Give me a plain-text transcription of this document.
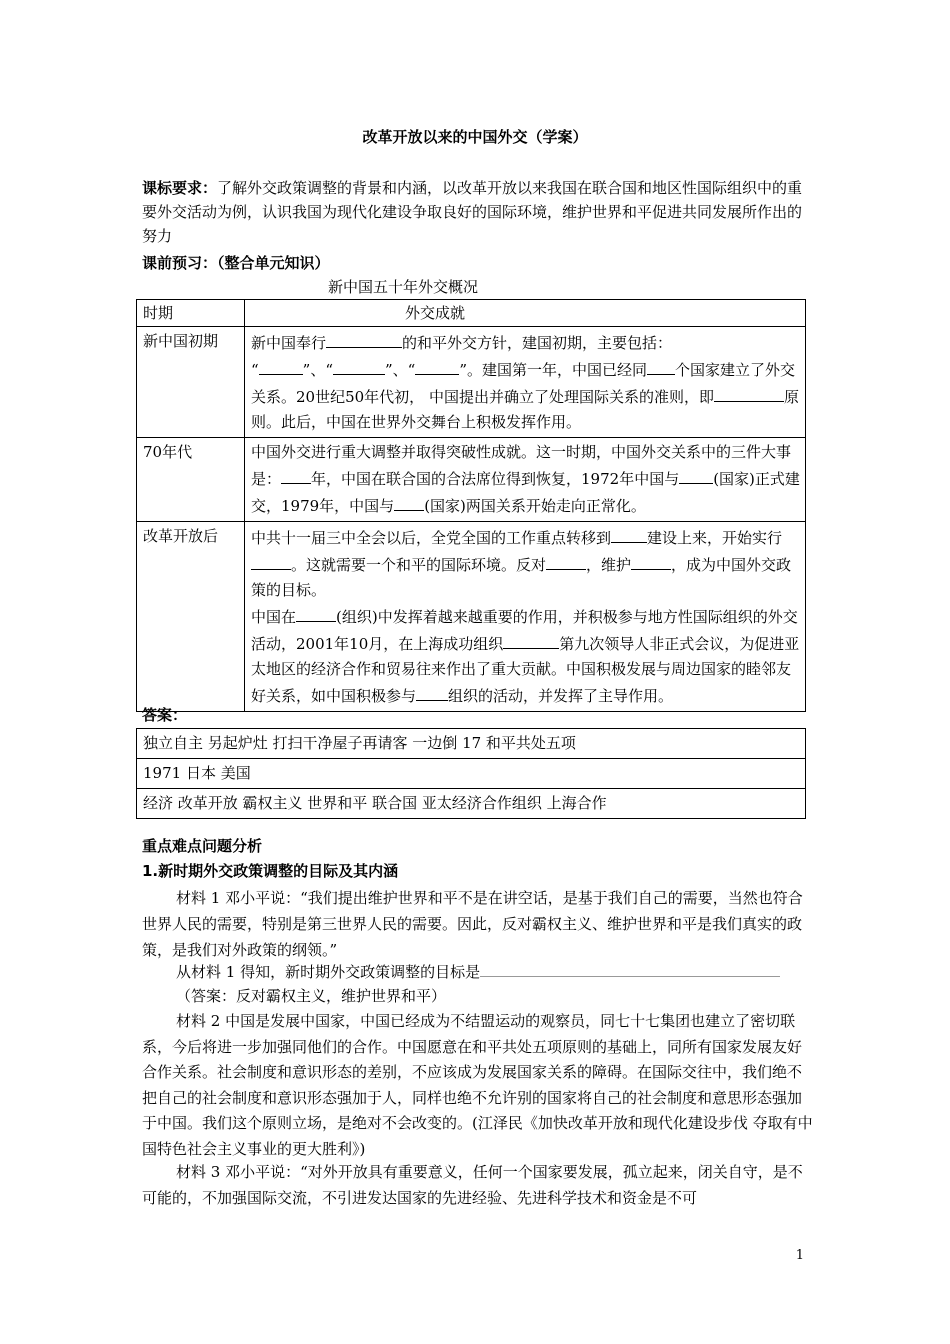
改革开放以来的中国外交（学案）
课标要求：了解外交政策调整的背景和内涵，以改革开放以来我国在联合国和地区性国际组织中的重要外交活动为例，认识我国为现代化建设争取良好的国际环境，维护世界和平促进共同发展所作出的努力
课前预习：（整合单元知识）
新中国五十年外交概况
时期	外交成就
新中国初期	新中国奉行 的和平外交方针，建国初期，主要包括：
“ ”、“ ”、“ ”。建国第一年，中国已经同 个国家建立了外交关系。20世纪50年代初， 中国提出并确立了处理国际关系的准则，即 原则。此后，中国在世界外交舞台上积极发挥作用。
70年代	中国外交进行重大调整并取得突破性成就。这一时期，中国外交关系中的三件大事是： 年，中国在联合国的合法席位得到恢复，1972年中国与 (国家)正式建交，1979年，中国与 (国家)两国关系开始走向正常化。
改革开放后	中共十一届三中全会以后，全党全国的工作重点转移到 建设上来，开始实行。这就需要一个和平的国际环境。反对 ，维护 ，成为中国外交政策的目标。
中国在 (组织)中发挥着越来越重要的作用，并积极参与地方性国际组织的外交活动，2001年10月，在上海成功组织 第九次领导人非正式会议，为促进亚太地区的经济合作和贸易往来作出了重大贡献。中国积极发展与周边国家的睦邻友好关系，如中国积极参与 组织的活动，并发挥了主导作用。
答案：
独立自主 另起炉灶 打扫干净屋子再请客 一边倒 17 和平共处五项
1971 日本 美国
经济 改革开放 霸权主义 世界和平 联合国 亚太经济合作组织 上海合作
重点难点问题分析
1.新时期外交政策调整的目际及其内涵
材料 1 邓小平说：“我们提出维护世界和平不是在讲空话，是基于我们自己的需要，当然也符合世界人民的需要，特别是第三世界人民的需要。因此，反对霸权主义、维护世界和平是我们真实的政策，是我们对外政策的纲领。”
从材料 1 得知，新时期外交政策调整的目标是
（答案：反对霸权主义，维护世界和平）
材料 2 中国是发展中国家，中国已经成为不结盟运动的观察员，同七十七集团也建立了密切联系，今后将进一步加强同他们的合作。中国愿意在和平共处五项原则的基础上，同所有国家发展友好合作关系。社会制度和意识形态的差别，不应该成为发展国家关系的障碍。在国际交往中，我们绝不把自己的社会制度和意识形态强加于人，同样也绝不允许别的国家将自己的社会制度和意思形态强加于中国。我们这个原则立场，是绝对不会改变的。(江泽民《加快改革开放和现代化建设步伐 夺取有中国特色社会主义事业的更大胜利》)
材料 3 邓小平说：“对外开放具有重要意义，任何一个国家要发展，孤立起来，闭关自守，是不可能的，不加强国际交流，不引进发达国家的先进经验、先进科学技术和资金是不可
1
